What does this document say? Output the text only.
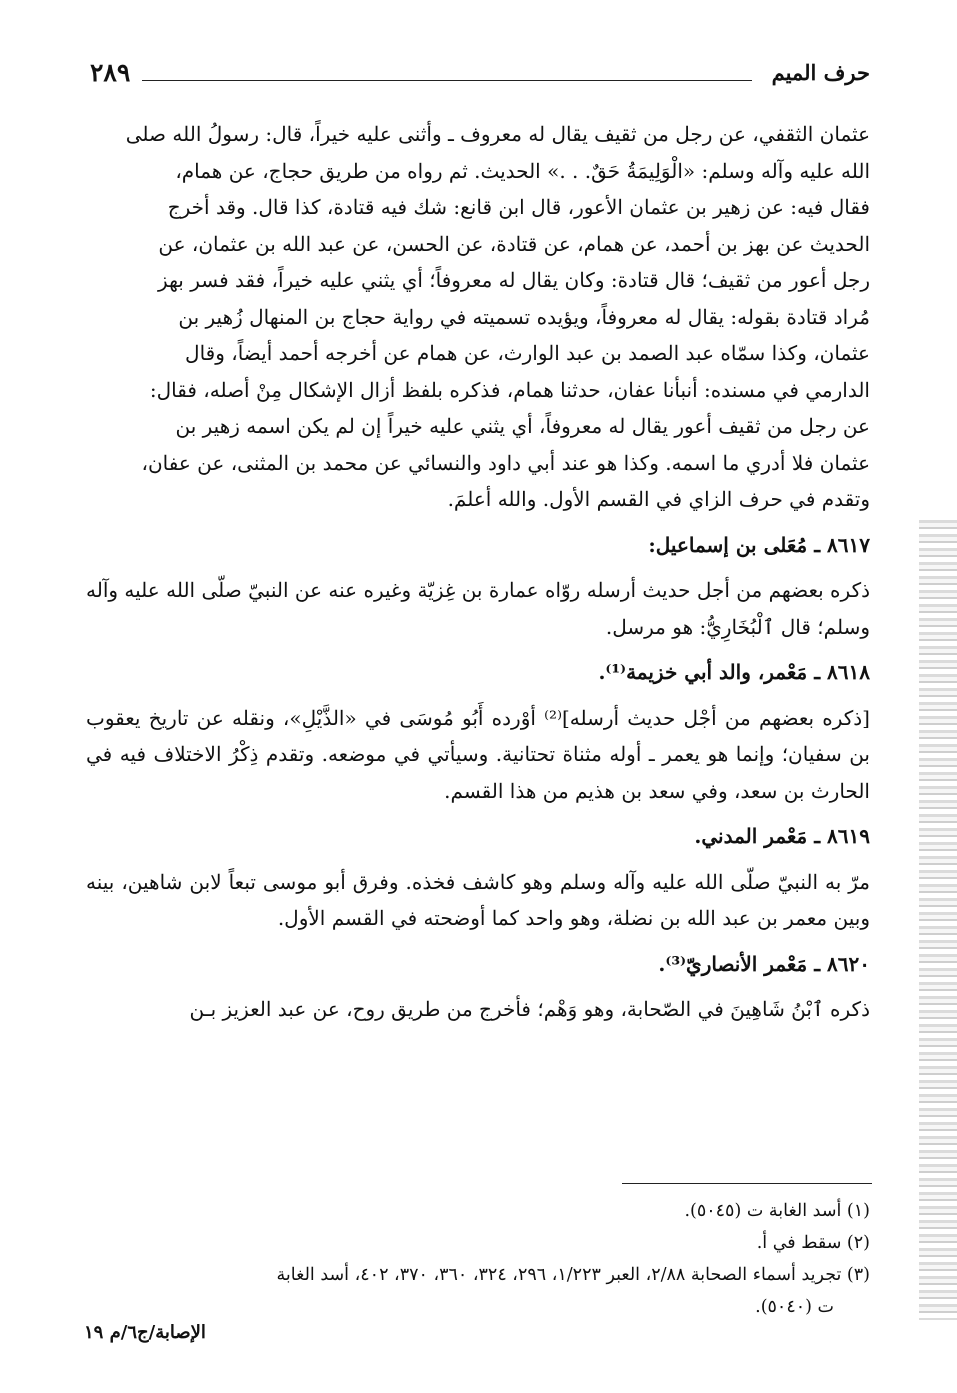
حرف الميم
٢٨٩

عثمان الثقفي، عن رجل من ثقيف يقال له معروف ـ وأثنى عليه خيراً، قال: رسولُ الله صلى

الله عليه وآله وسلم: «الْوَلِيمَةُ حَقٌ. . .» الحديث. ثم رواه من طريق حجاج، عن همام،

فقال فيه: عن زهير بن عثمان الأعور، قال ابن قانع: شك فيه قتادة، كذا قال. وقد أخرج

الحديث عن بهز بن أحمد، عن همام، عن قتادة، عن الحسن، عن عبد الله بن عثمان، عن

رجل أعور من ثقيف؛ قال قتادة: وكان يقال له معروفاً؛ أي يثني عليه خيراً، فقد فسر بهز

مُراد قتادة بقوله: يقال له معروفاً، ويؤيده تسميته في رواية حجاج بن المنهال زُهير بن

عثمان، وكذا سمّاه عبد الصمد بن عبد الوارث، عن همام عن أخرجه أحمد أيضاً، وقال

الدارمي في مسنده: أنبأنا عفان، حدثنا همام، فذكره بلفظ أزال الإشكال مِنْ أصله، فقال:

عن رجل من ثقيف أعور يقال له معروفاً، أي يثني عليه خيراً إن لم يكن اسمه زهير بن

عثمان فلا أدري ما اسمه. وكذا هو عند أبي داود والنسائي عن محمد بن المثنى، عن عفان،

وتقدم في حرف الزاي في القسم الأول. والله أعلمَ.

٨٦١٧ ـ مُعَلى بن إسماعيل:

ذكره بعضهم من أجل حديث أرسله روّاه عمارة بن غِزيّة وغيره عنه عن النبيّ صلّى الله عليه وآله وسلم؛ قال ٱلْبُخَارِيُّ: هو مرسل.

٨٦١٨ ـ مَعْمر، والد أبي خزيمة⁽¹⁾.

[ذكره بعضهم من أجْل حديث أرسله]⁽²⁾ أوْرده أَبُو مُوسَى في «الذَّيْلِ»، ونقله عن تاريخ يعقوب بن سفيان؛ وإنما هو يعمر ـ أوله مثناة تحتانية. وسيأتي في موضعه. وتقدم ذِكْرُ الاختلاف فيه في الحارث بن سعد، وفي سعد بن هذيم من هذا القسم.

٨٦١٩ ـ مَعْمر المدني.

مرّ به النبيّ صلّى الله عليه وآله وسلم وهو كاشف فخذه. وفرق أبو موسى تبعاً لابن شاهين، بينه وبين معمر بن عبد الله بن نضلة، وهو واحد كما أوضحته في القسم الأول.

٨٦٢٠ ـ مَعْمر الأنصاريّ⁽³⁾.

ذكره ٱبْنُ شَاهِينَ في الصّحابة، وهو وَهْم؛ فأخرج من طريق روح، عن عبد العزيز بـن

(١) أسد الغابة ت (٥٠٤٥).

(٢) سقط في أ.

(٣) تجريد أسماء الصحابة ٢/٨٨، العبر ١/٢٢٣، ٢٩٦، ٣٢٤، ٣٦٠، ٣٧٠، ٤٠٢، أسد الغابة

ت (٥٠٤٠).

الإصابة/ج٦/م ١٩
